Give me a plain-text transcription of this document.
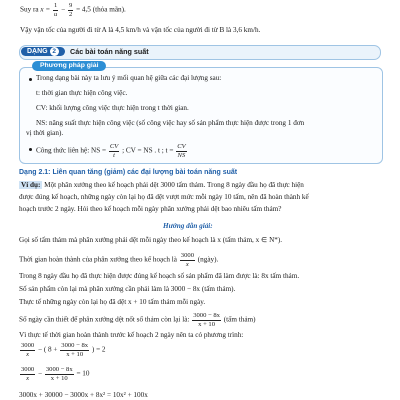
Suy ra $x = \frac{1}{u} - \frac{9}{2} = 4,5$ (thỏa mãn).
Vậy vận tốc của người đi từ A là 4,5 km/h và vận tốc của người đi từ B là 3,6 km/h.
DẠNG 2	Các bài toán năng suất
Phương pháp giải
Trong dạng bài này ta lưu ý mối quan hệ giữa các đại lượng sau:
t: thời gian thực hiện công việc.
CV: khối lượng công việc thực hiện trong t thời gian.
NS: năng suất thực hiện công việc (số công việc hay số sản phẩm thực hiện được trong 1 đơn
vị thời gian).
Công thức liên hệ: NS = $\frac{CV}{t}$ ; CV = NS . t ; $t = \frac{CV}{NS}$
Dạng 2.1: Liên quan tăng (giảm) các đại lượng bài toán năng suất
Ví dụ: Một phân xưởng theo kế hoạch phải dệt 3000 tấm thảm. Trong 8 ngày đầu họ đã thực hiện
được đúng kế hoạch, những ngày còn lại họ đã dệt vượt mức mỗi ngày 10 tấm, nên đã hoàn thành kế
hoạch trước 2 ngày. Hỏi theo kế hoạch mỗi ngày phân xưởng phải dệt bao nhiêu tấm thảm?
Hướng dẫn giải:
Gọi số tấm thảm mà phân xưởng phải dệt mỗi ngày theo kế hoạch là x (tấm thảm, x ∈ N*).
Thời gian hoàn thành của phân xưởng theo kế hoạch là $\frac{3000}{x}$ (ngày).
Trong 8 ngày đầu họ đã thực hiện được đúng kế hoạch số sản phẩm đã làm được là: 8x tấm thảm.
Số sản phẩm còn lại mà phân xưởng cần phải làm là 3000 − 8x (tấm thảm).
Thực tế những ngày còn lại họ đã dệt x + 10 tấm thảm mỗi ngày.
Số ngày cần thiết để phân xưởng dệt nốt số thảm còn lại là: $\frac{3000 - 8x}{x + 10}$ (tấm thảm)
Vì thực tế thời gian hoàn thành trước kế hoạch 2 ngày nên ta có phương trình:
$\frac{3000}{x}$ − ( $8 + \frac{3000 - 8x}{x + 10}$ ) = 2
$\frac{3000}{x} - \frac{3000 - 8x}{x + 10} = 10$
3000x + 30000 − 3000x + 8x² = 10x² + 100x
